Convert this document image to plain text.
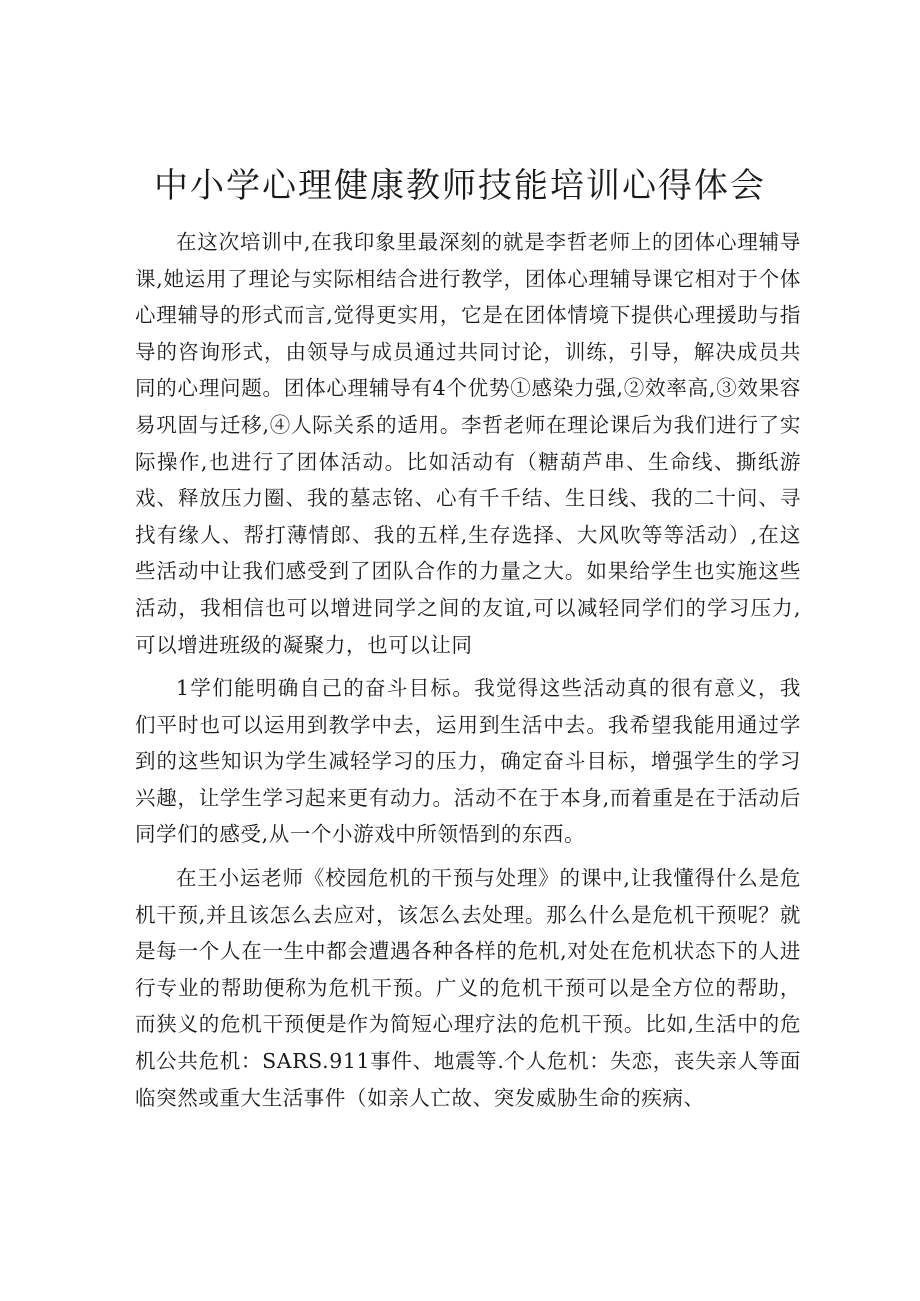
中小学心理健康教师技能培训心得体会

在这次培训中,在我印象里最深刻的就是李哲老师上的团体心理辅导课,她运用了理论与实际相结合进行教学，团体心理辅导课它相对于个体心理辅导的形式而言,觉得更实用，它是在团体情境下提供心理援助与指导的咨询形式，由领导与成员通过共同讨论，训练，引导，解决成员共同的心理问题。团体心理辅导有4个优势①感染力强,②效率高,③效果容易巩固与迁移,④人际关系的适用。李哲老师在理论课后为我们进行了实际操作,也进行了团体活动。比如活动有（糖葫芦串、生命线、撕纸游戏、释放压力圈、我的墓志铭、心有千千结、生日线、我的二十问、寻找有缘人、帮打薄情郎、我的五样,生存选择、大风吹等等活动）,在这些活动中让我们感受到了团队合作的力量之大。如果给学生也实施这些活动，我相信也可以增进同学之间的友谊,可以减轻同学们的学习压力,可以增进班级的凝聚力，也可以让同

1学们能明确自己的奋斗目标。我觉得这些活动真的很有意义，我们平时也可以运用到教学中去，运用到生活中去。我希望我能用通过学到的这些知识为学生减轻学习的压力，确定奋斗目标，增强学生的学习兴趣，让学生学习起来更有动力。活动不在于本身,而着重是在于活动后同学们的感受,从一个小游戏中所领悟到的东西。

在王小运老师《校园危机的干预与处理》的课中,让我懂得什么是危机干预,并且该怎么去应对，该怎么去处理。那么什么是危机干预呢？就是每一个人在一生中都会遭遇各种各样的危机,对处在危机状态下的人进行专业的帮助便称为危机干预。广义的危机干预可以是全方位的帮助，而狭义的危机干预便是作为简短心理疗法的危机干预。比如,生活中的危机公共危机：SARS.911事件、地震等.个人危机：失恋，丧失亲人等面临突然或重大生活事件（如亲人亡故、突发威胁生命的疾病、
